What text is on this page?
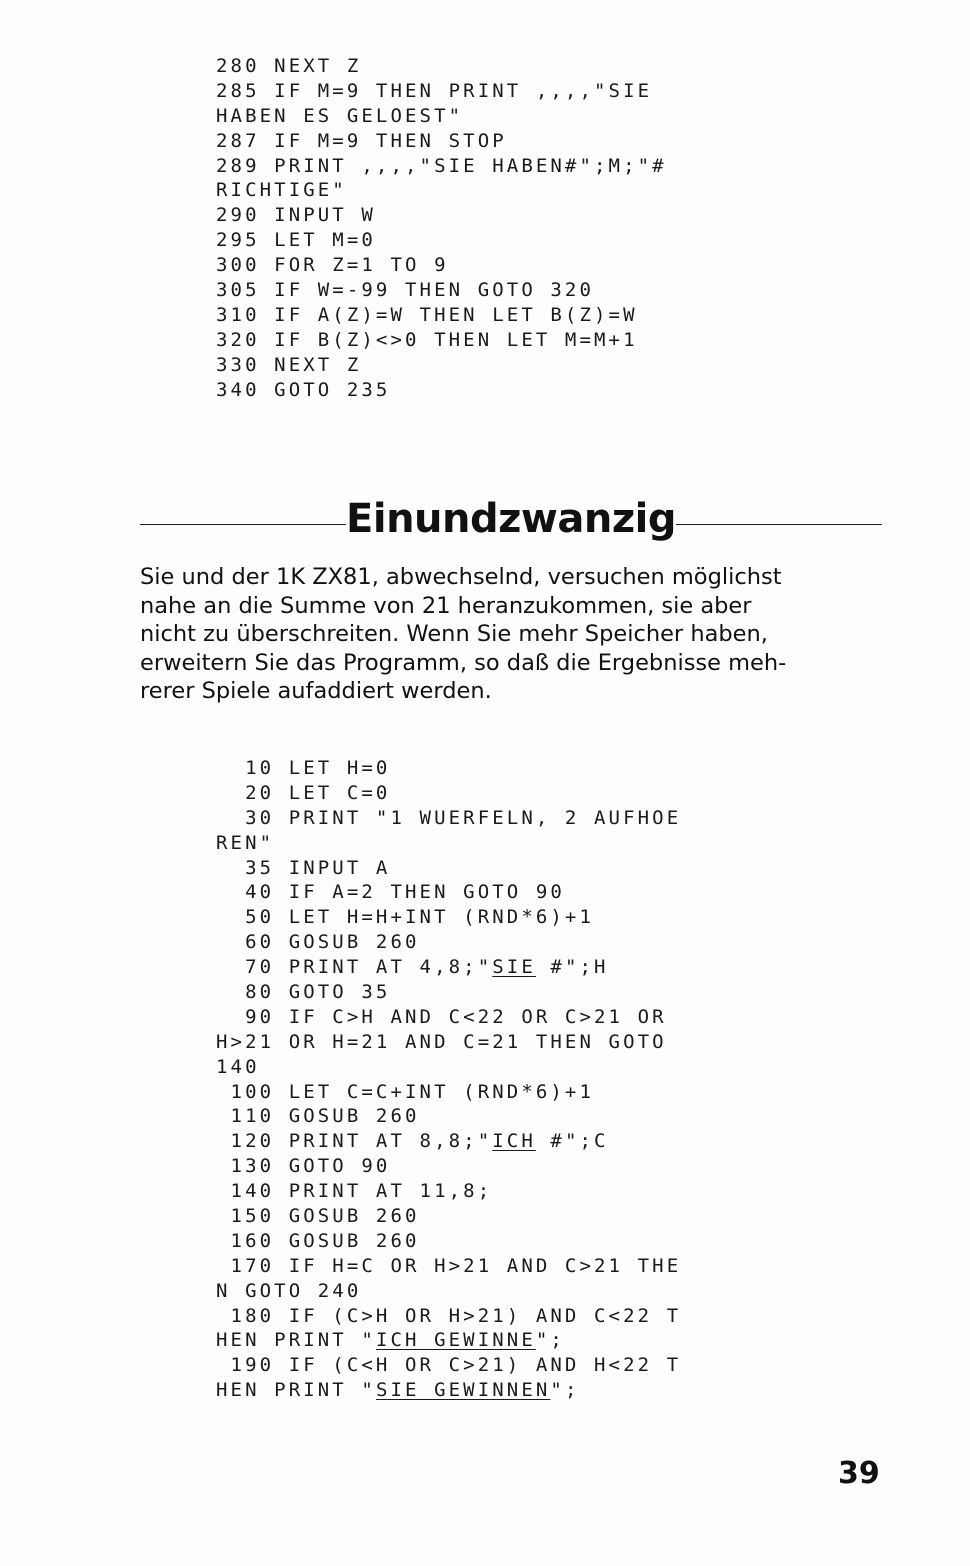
280 NEXT Z
285 IF M=9 THEN PRINT ,,,,"SIE
HABEN ES GELOEST"
287 IF M=9 THEN STOP
289 PRINT ,,,,"SIE HABEN#";M;"#
RICHTIGE"
290 INPUT W
295 LET M=0
300 FOR Z=1 TO 9
305 IF W=-99 THEN GOTO 320
310 IF A(Z)=W THEN LET B(Z)=W
320 IF B(Z)<>0 THEN LET M=M+1
330 NEXT Z
340 GOTO 235
Einundzwanzig

Sie und der 1K ZX81, abwechselnd, versuchen möglichst
nahe an die Summe von 21 heranzukommen, sie aber
nicht zu überschreiten. Wenn Sie mehr Speicher haben,
erweitern Sie das Programm, so daß die Ergebnisse meh-
rerer Spiele aufaddiert werden.

10 LET H=0
20 LET C=0
30 PRINT "1 WUERFELN, 2 AUFHOE
REN"
35 INPUT A
40 IF A=2 THEN GOTO 90
50 LET H=H+INT (RND*6)+1
60 GOSUB 260
70 PRINT AT 4,8;"SIE #";H
80 GOTO 35
90 IF C>H AND C<22 OR C>21 OR
H>21 OR H=21 AND C=21 THEN GOTO
140
100 LET C=C+INT (RND*6)+1
110 GOSUB 260
120 PRINT AT 8,8;"ICH #";C
130 GOTO 90
140 PRINT AT 11,8;
150 GOSUB 260
160 GOSUB 260
170 IF H=C OR H>21 AND C>21 THE
N GOTO 240
180 IF (C>H OR H>21) AND C<22 T
HEN PRINT "ICH GEWINNE";
190 IF (C<H OR C>21) AND H<22 T
HEN PRINT "SIE GEWINNEN";
39
